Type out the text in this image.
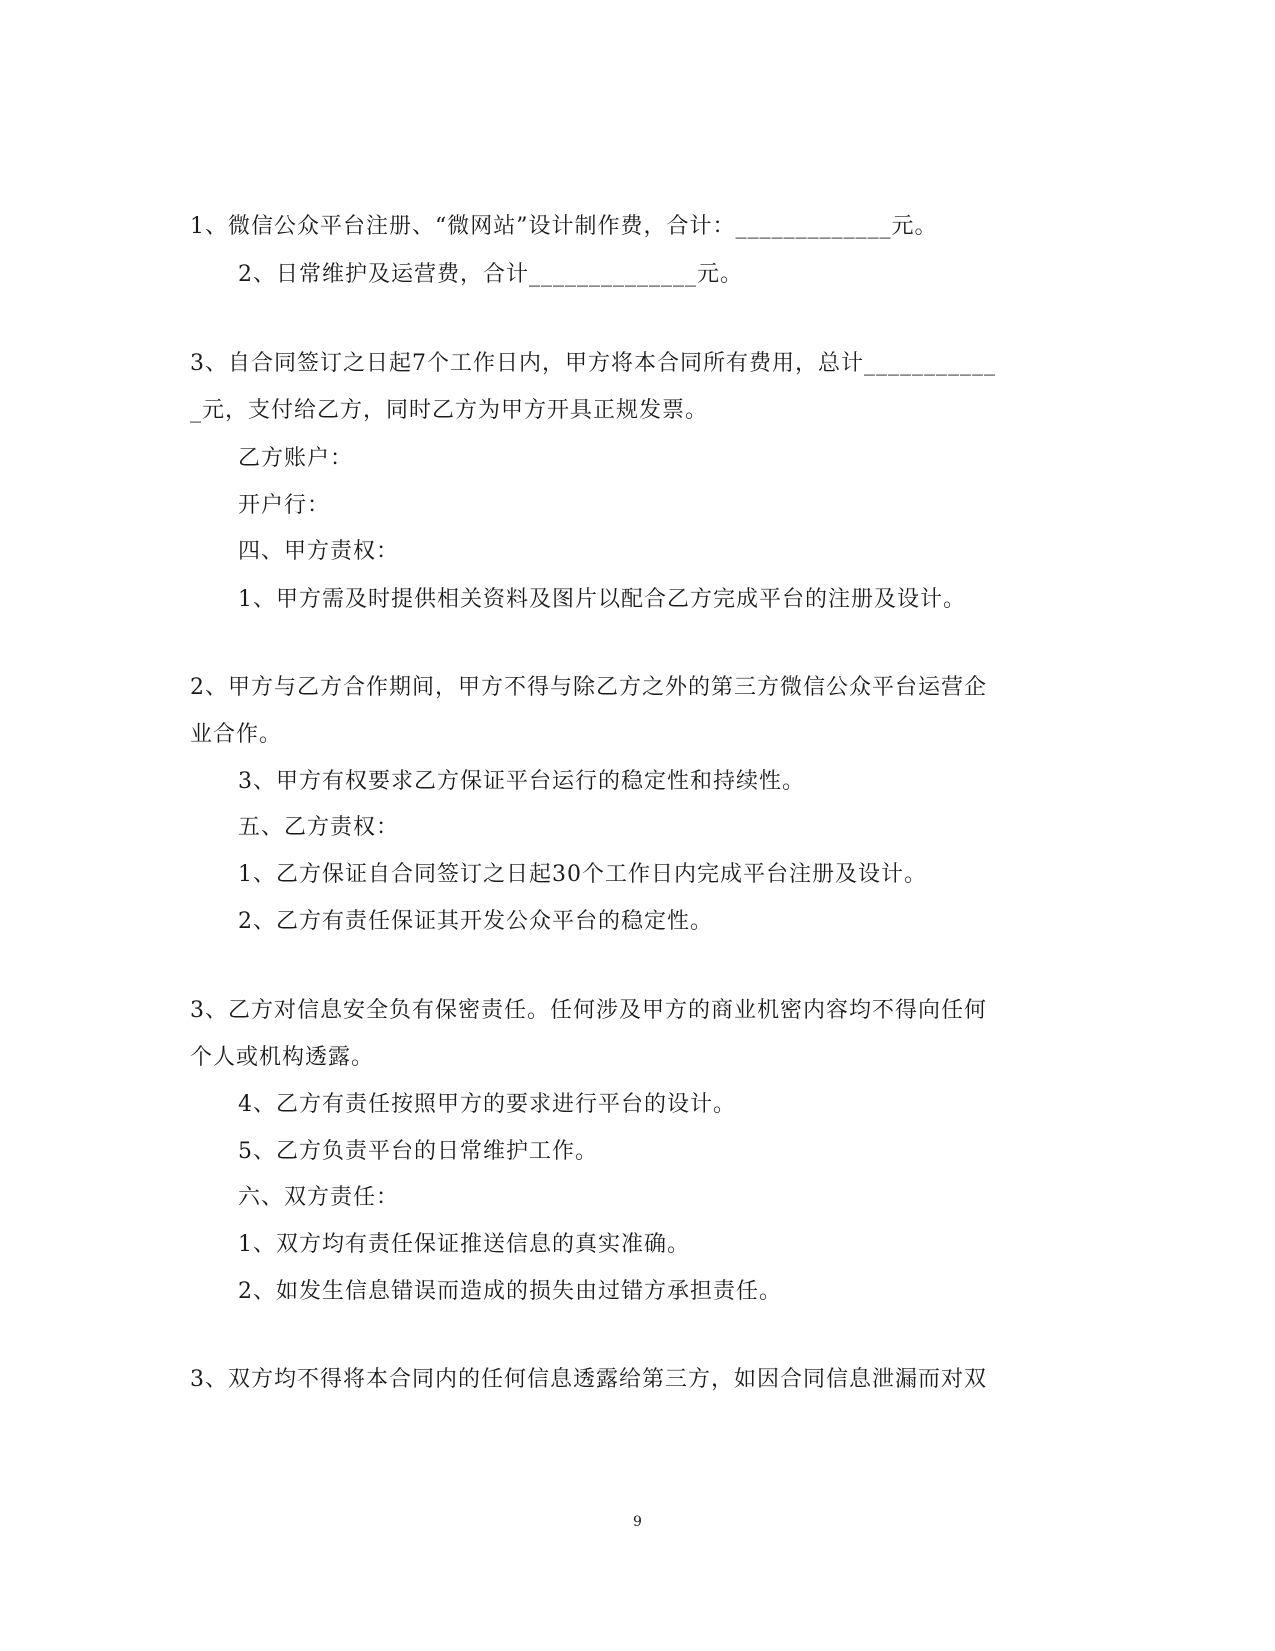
1、微信公众平台注册、“微网站”设计制作费，合计：_____________元。

2、日常维护及运营费，合计______________元。

3、自合同签订之日起7个工作日内，甲方将本合同所有费用，总计___________

_元，支付给乙方，同时乙方为甲方开具正规发票。

乙方账户：

开户行：

四、甲方责权：

1、甲方需及时提供相关资料及图片以配合乙方完成平台的注册及设计。

2、甲方与乙方合作期间，甲方不得与除乙方之外的第三方微信公众平台运营企

业合作。

3、甲方有权要求乙方保证平台运行的稳定性和持续性。

五、乙方责权：

1、乙方保证自合同签订之日起30个工作日内完成平台注册及设计。

2、乙方有责任保证其开发公众平台的稳定性。

3、乙方对信息安全负有保密责任。任何涉及甲方的商业机密内容均不得向任何

个人或机构透露。

4、乙方有责任按照甲方的要求进行平台的设计。

5、乙方负责平台的日常维护工作。

六、双方责任：

1、双方均有责任保证推送信息的真实准确。

2、如发生信息错误而造成的损失由过错方承担责任。

3、双方均不得将本合同内的任何信息透露给第三方，如因合同信息泄漏而对双

9
